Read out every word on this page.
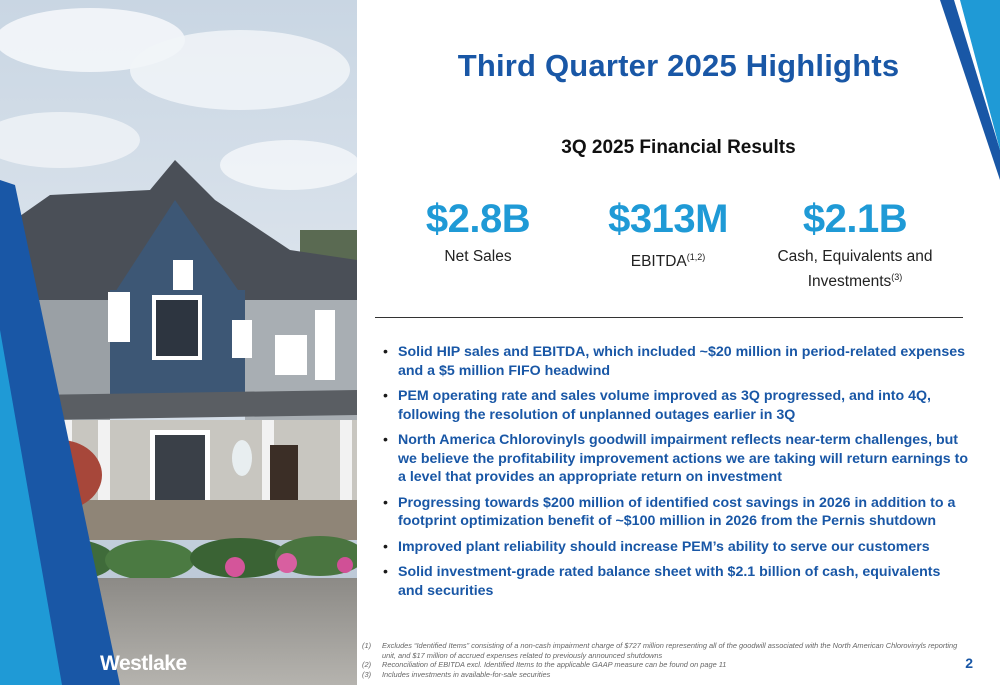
Westlake
Third Quarter 2025 Highlights
3Q 2025 Financial Results
$2.8B
Net Sales
$313M
EBITDA$^{(1,2)}$
$2.1B
Cash, Equivalents and
Investments$^{(3)}$
• Solid HIP sales and EBITDA, which included ~$20 million in period-related expenses and a $5 million FIFO headwind
• PEM operating rate and sales volume improved as 3Q progressed, and into 4Q, following the resolution of unplanned outages earlier in 3Q
• North America Chlorovinyls goodwill impairment reflects near-term challenges, but we believe the profitability improvement actions we are taking will return earnings to a level that provides an appropriate return on investment
• Progressing towards $200 million of identified cost savings in 2026 in addition to a footprint optimization benefit of ~$100 million in 2026 from the Pernis shutdown
• Improved plant reliability should increase PEM’s ability to serve our customers
• Solid investment-grade rated balance sheet with $2.1 billion of cash, equivalents and securities
(1) Excludes “Identified Items” consisting of a non-cash impairment charge of $727 million representing all of the goodwill associated with the North American Chlorovinyls reporting unit, and $17 million of accrued expenses related to previously announced shutdowns
(2) Reconciliation of EBITDA excl. Identified Items to the applicable GAAP measure can be found on page 11
(3) Includes investments in available-for-sale securities
2
